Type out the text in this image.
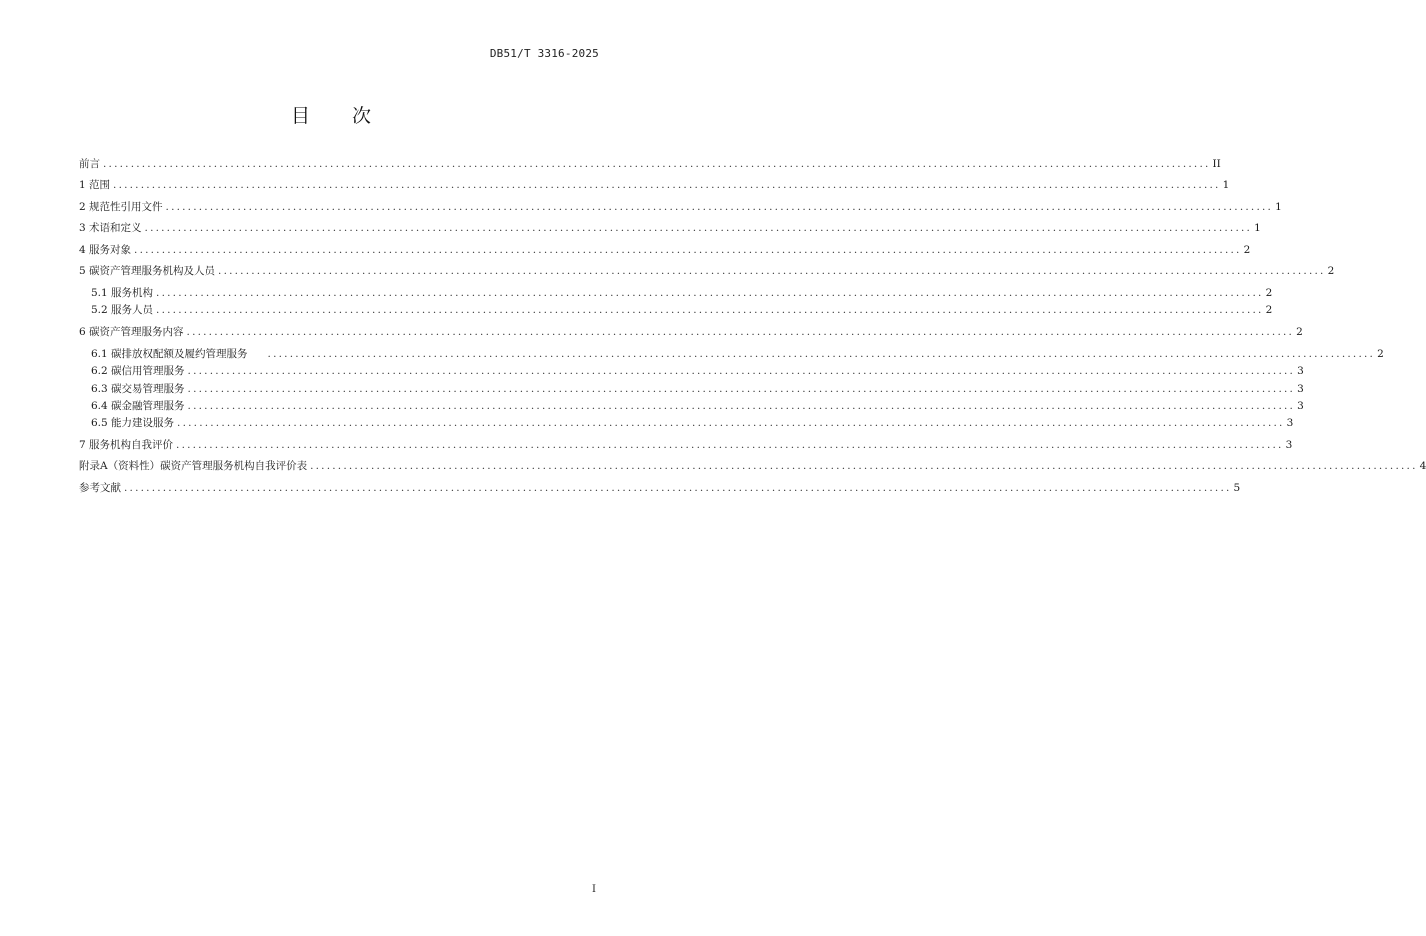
DB51/T 3316-2025
目 次
前言 ........................................................................................................................................................................................................ II
1 范围 ........................................................................................................................................................................................................ 1
2 规范性引用文件 ........................................................................................................................................................................................................ 1
3 术语和定义 ........................................................................................................................................................................................................ 1
4 服务对象 ........................................................................................................................................................................................................ 2
5 碳资产管理服务机构及人员 ........................................................................................................................................................................................................ 2
5.1 服务机构 ........................................................................................................................................................................................................ 2
5.2 服务人员 ........................................................................................................................................................................................................ 2
6 碳资产管理服务内容 ........................................................................................................................................................................................................ 2
6.1 碳排放权配额及履约管理服务	........................................................................................................................................................................................................ 2
6.2 碳信用管理服务 ........................................................................................................................................................................................................ 3
6.3 碳交易管理服务 ........................................................................................................................................................................................................ 3
6.4 碳金融管理服务 ........................................................................................................................................................................................................ 3
6.5 能力建设服务 ........................................................................................................................................................................................................ 3
7 服务机构自我评价 ........................................................................................................................................................................................................ 3
附录A（资料性）碳资产管理服务机构自我评价表 ........................................................................................................................................................................................................ 4
参考文献 ........................................................................................................................................................................................................ 5
I
